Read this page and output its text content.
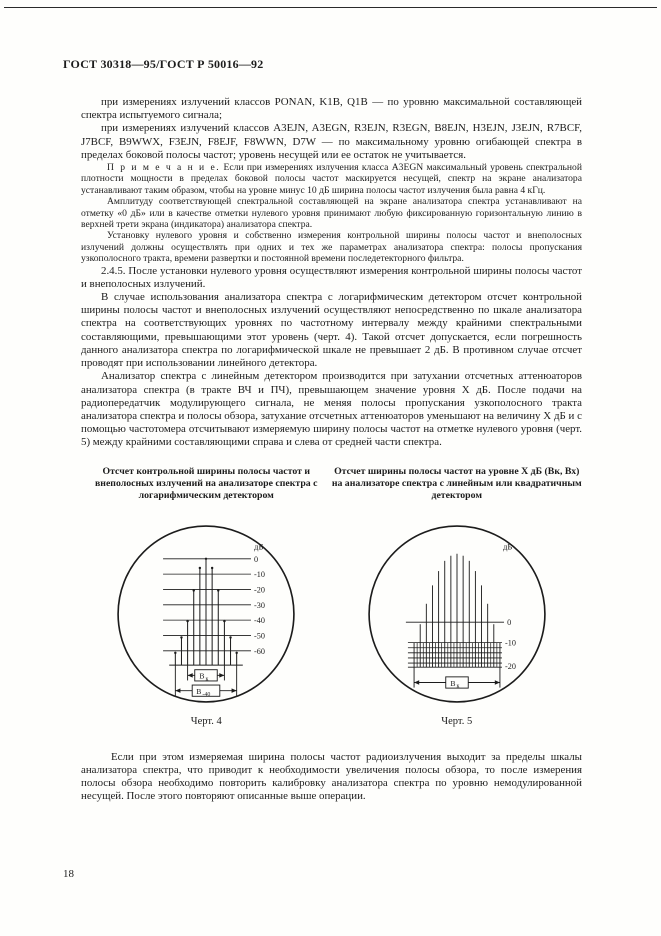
ГОСТ 30318—95/ГОСТ Р 50016—92

при измерениях излучений классов PONAN, K1B, Q1B — по уровню максимальной составляющей спектра испытуемого сигнала;

при измерениях излучений классов A3EJN, A3EGN, R3EJN, R3EGN, B8EJN, H3EJN, J3EJN, R7BCF, J7BCF, B9WWX, F3EJN, F8EJF, F8WWN, D7W — по максимальному уровню огибающей спектра в пределах боковой полосы частот; уровень несущей или ее остаток не учитывается.

П р и м е ч а н и е. Если при измерениях излучения класса A3EGN максимальный уровень спектральной плотности мощности в пределах боковой полосы частот маскируется несущей, спектр на экране анализатора устанавливают таким образом, чтобы на уровне минус 10 дБ ширина полосы частот излучения была равна 4 кГц.

Амплитуду соответствующей спектральной составляющей на экране анализатора спектра устанавливают на отметку «0 дБ» или в качестве отметки нулевого уровня принимают любую фиксированную горизонтальную линию в верхней трети экрана (индикатора) анализатора спектра.

Установку нулевого уровня и собственно измерения контрольной ширины полосы частот и внеполосных излучений должны осуществлять при одних и тех же параметрах анализатора спектра: полосы пропускания узкополосного тракта, времени развертки и постоянной времени последетекторного фильтра.

2.4.5. После установки нулевого уровня осуществляют измерения контрольной ширины полосы частот и внеполосных излучений.

В случае использования анализатора спектра с логарифмическим детектором отсчет контрольной ширины полосы частот и внеполосных излучений осуществляют непосредственно по шкале анализатора спектра на соответствующих уровнях по частотному интервалу между крайними спектральными составляющими, превышающими этот уровень (черт. 4). Такой отсчет допускается, если погрешность данного анализатора спектра по логарифмической шкале не превышает 2 дБ. В противном случае отсчет проводят при использовании линейного детектора.

Анализатор спектра с линейным детектором производится при затухании отсчетных аттенюаторов анализатора спектра (в тракте ВЧ и ПЧ), превышающем значение уровня X дБ. После подачи на радиопередатчик модулирующего сигнала, не меняя полосы пропускания узкополосного тракта анализатора спектра и полосы обзора, затухание отсчетных аттенюаторов уменьшают на величину X дБ и с помощью частотомера отсчитывают измеряемую ширину полосы частот на отметке нулевого уровня (черт. 5) между крайними составляющими справа и слева от средней части спектра.

Отсчет контрольной ширины полосы частот и внеполосных излучений на анализаторе спектра с логарифмическим детектором
дБ
0
-10
-20
-30
-40
-50
-60
В к
В -40
Черт. 4
Отсчет ширины полосы частот на уровне X дБ (Вк, Вх) на анализаторе спектра с линейным или квадратичным детектором
дБ
0
-10
-20
В к
Черт. 5

Если при этом измеряемая ширина полосы частот радиоизлучения выходит за пределы шкалы анализатора спектра, что приводит к необходимости увеличения полосы обзора, то после измерения полосы обзора необходимо повторить калибровку анализатора спектра по уровню немодулированной несущей. После этого повторяют описанные выше операции.

18
